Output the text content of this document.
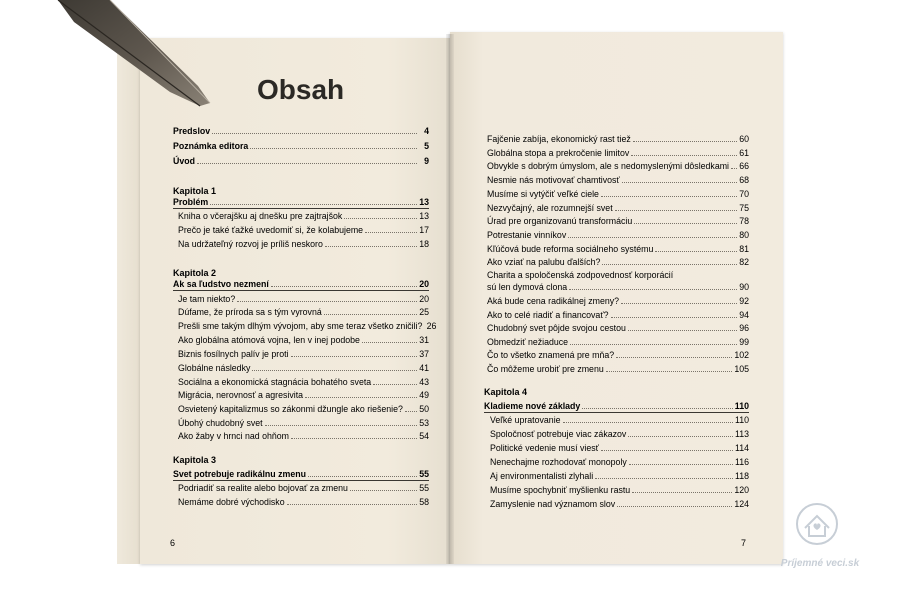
Obsah
Predslov	4
Poznámka editora	5
Úvod	9
Kapitola 1
Problém	13
Kniha o včerajšku aj dnešku pre zajtrajšok	13
Prečo je také ťažké uvedomiť si, že kolabujeme	17
Na udržateľný rozvoj je príliš neskoro	18
Kapitola 2
Ak sa ľudstvo nezmení	20
Je tam niekto?	20
Dúfame, že príroda sa s tým vyrovná	25
Prešli sme takým dlhým vývojom, aby sme teraz všetko zničili? 26
Ako globálna atómová vojna, len v inej podobe	31
Biznis fosílnych palív je proti	37
Globálne následky	41
Sociálna a ekonomická stagnácia bohatého sveta	43
Migrácia, nerovnosť a agresivita	49
Osvietený kapitalizmus so zákonmi džungle ako riešenie? 50
Úbohý chudobný svet	53
Ako žaby v hrnci nad ohňom	54
Kapitola 3
Svet potrebuje radikálnu zmenu	55
Podriadiť sa realite alebo bojovať za zmenu	55
Nemáme dobré východisko	58
6
Fajčenie zabíja, ekonomický rast tiež	60
Globálna stopa a prekročenie limitov	61
Obvykle s dobrým úmyslom, ale s nedomyslenými dôsledkami 66
Nesmie nás motivovať chamtivosť	68
Musíme si vytýčiť veľké ciele	70
Nezvyčajný, ale rozumnejší svet	75
Úrad pre organizovanú transformáciu	78
Potrestanie vinníkov	80
Kľúčová bude reforma sociálneho systému	81
Ako vziať na palubu ďalších?	82
Charita a spoločenská zodpovednosť korporácií
sú len dymová clona	90
Aká bude cena radikálnej zmeny?	92
Ako to celé riadiť a financovať?	94
Chudobný svet pôjde svojou cestou	96
Obmedziť nežiaduce	99
Čo to všetko znamená pre mňa?	102
Čo môžeme urobiť pre zmenu	105
Kapitola 4
Kladieme nové základy	110
Veľké upratovanie	110
Spoločnosť potrebuje viac zákazov	113
Politické vedenie musí viesť	114
Nenechajme rozhodovať monopoly	116
Aj environmentalisti zlyhali	118
Musíme spochybniť myšlienku rastu	120
Zamyslenie nad významom slov	124
7
Príjemné veci.sk
